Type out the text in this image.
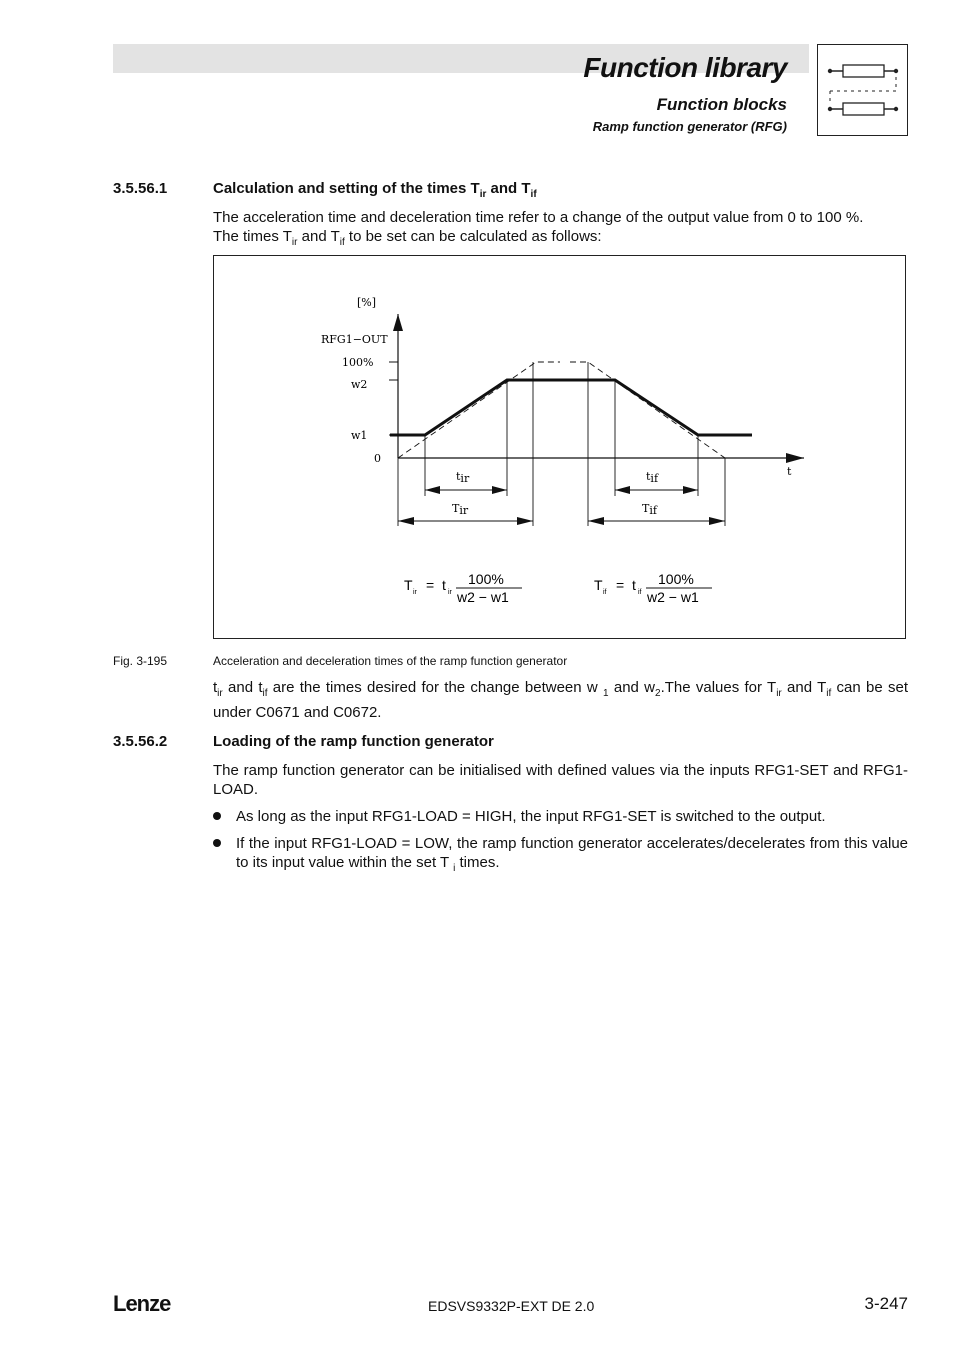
Function library
Function blocks
Ramp function generator (RFG)
3.5.56.1	Calculation and setting of the times $T_{ir}$ and $T_{if}$
The acceleration time and deceleration time refer to a change of the output value from 0 to 100 %.
The times $T_{ir}$ and $T_{if}$ to be set can be calculated as follows:
[%]
RFG1−OUT
100%
w2
w1
0
t
tir	tif
Tir	Tif
T ir = t ir
100%
w2 − w1
T if = t if
100%
w2 − w1
Fig. 3-195	Acceleration and deceleration times of the ramp function generator
$t_{ir}$ and $t_{if}$ are the times desired for the change between w $_1$ and $w_2.The$ values for $T_{ir}$ and $T_{if}$ can be set under C0671 and C0672.
3.5.56.2	Loading of the ramp function generator
The ramp function generator can be initialised with defined values via the inputs RFG1-SET and RFG1-LOAD.
As long as the input RFG1-LOAD = HIGH, the input RFG1-SET is switched to the output.
If the input RFG1-LOAD = LOW, the ramp function generator accelerates/decelerates from this value to its input value within the set T $_i$ times.
Lenze	EDSVS9332P-EXT DE 2.0	3-247
